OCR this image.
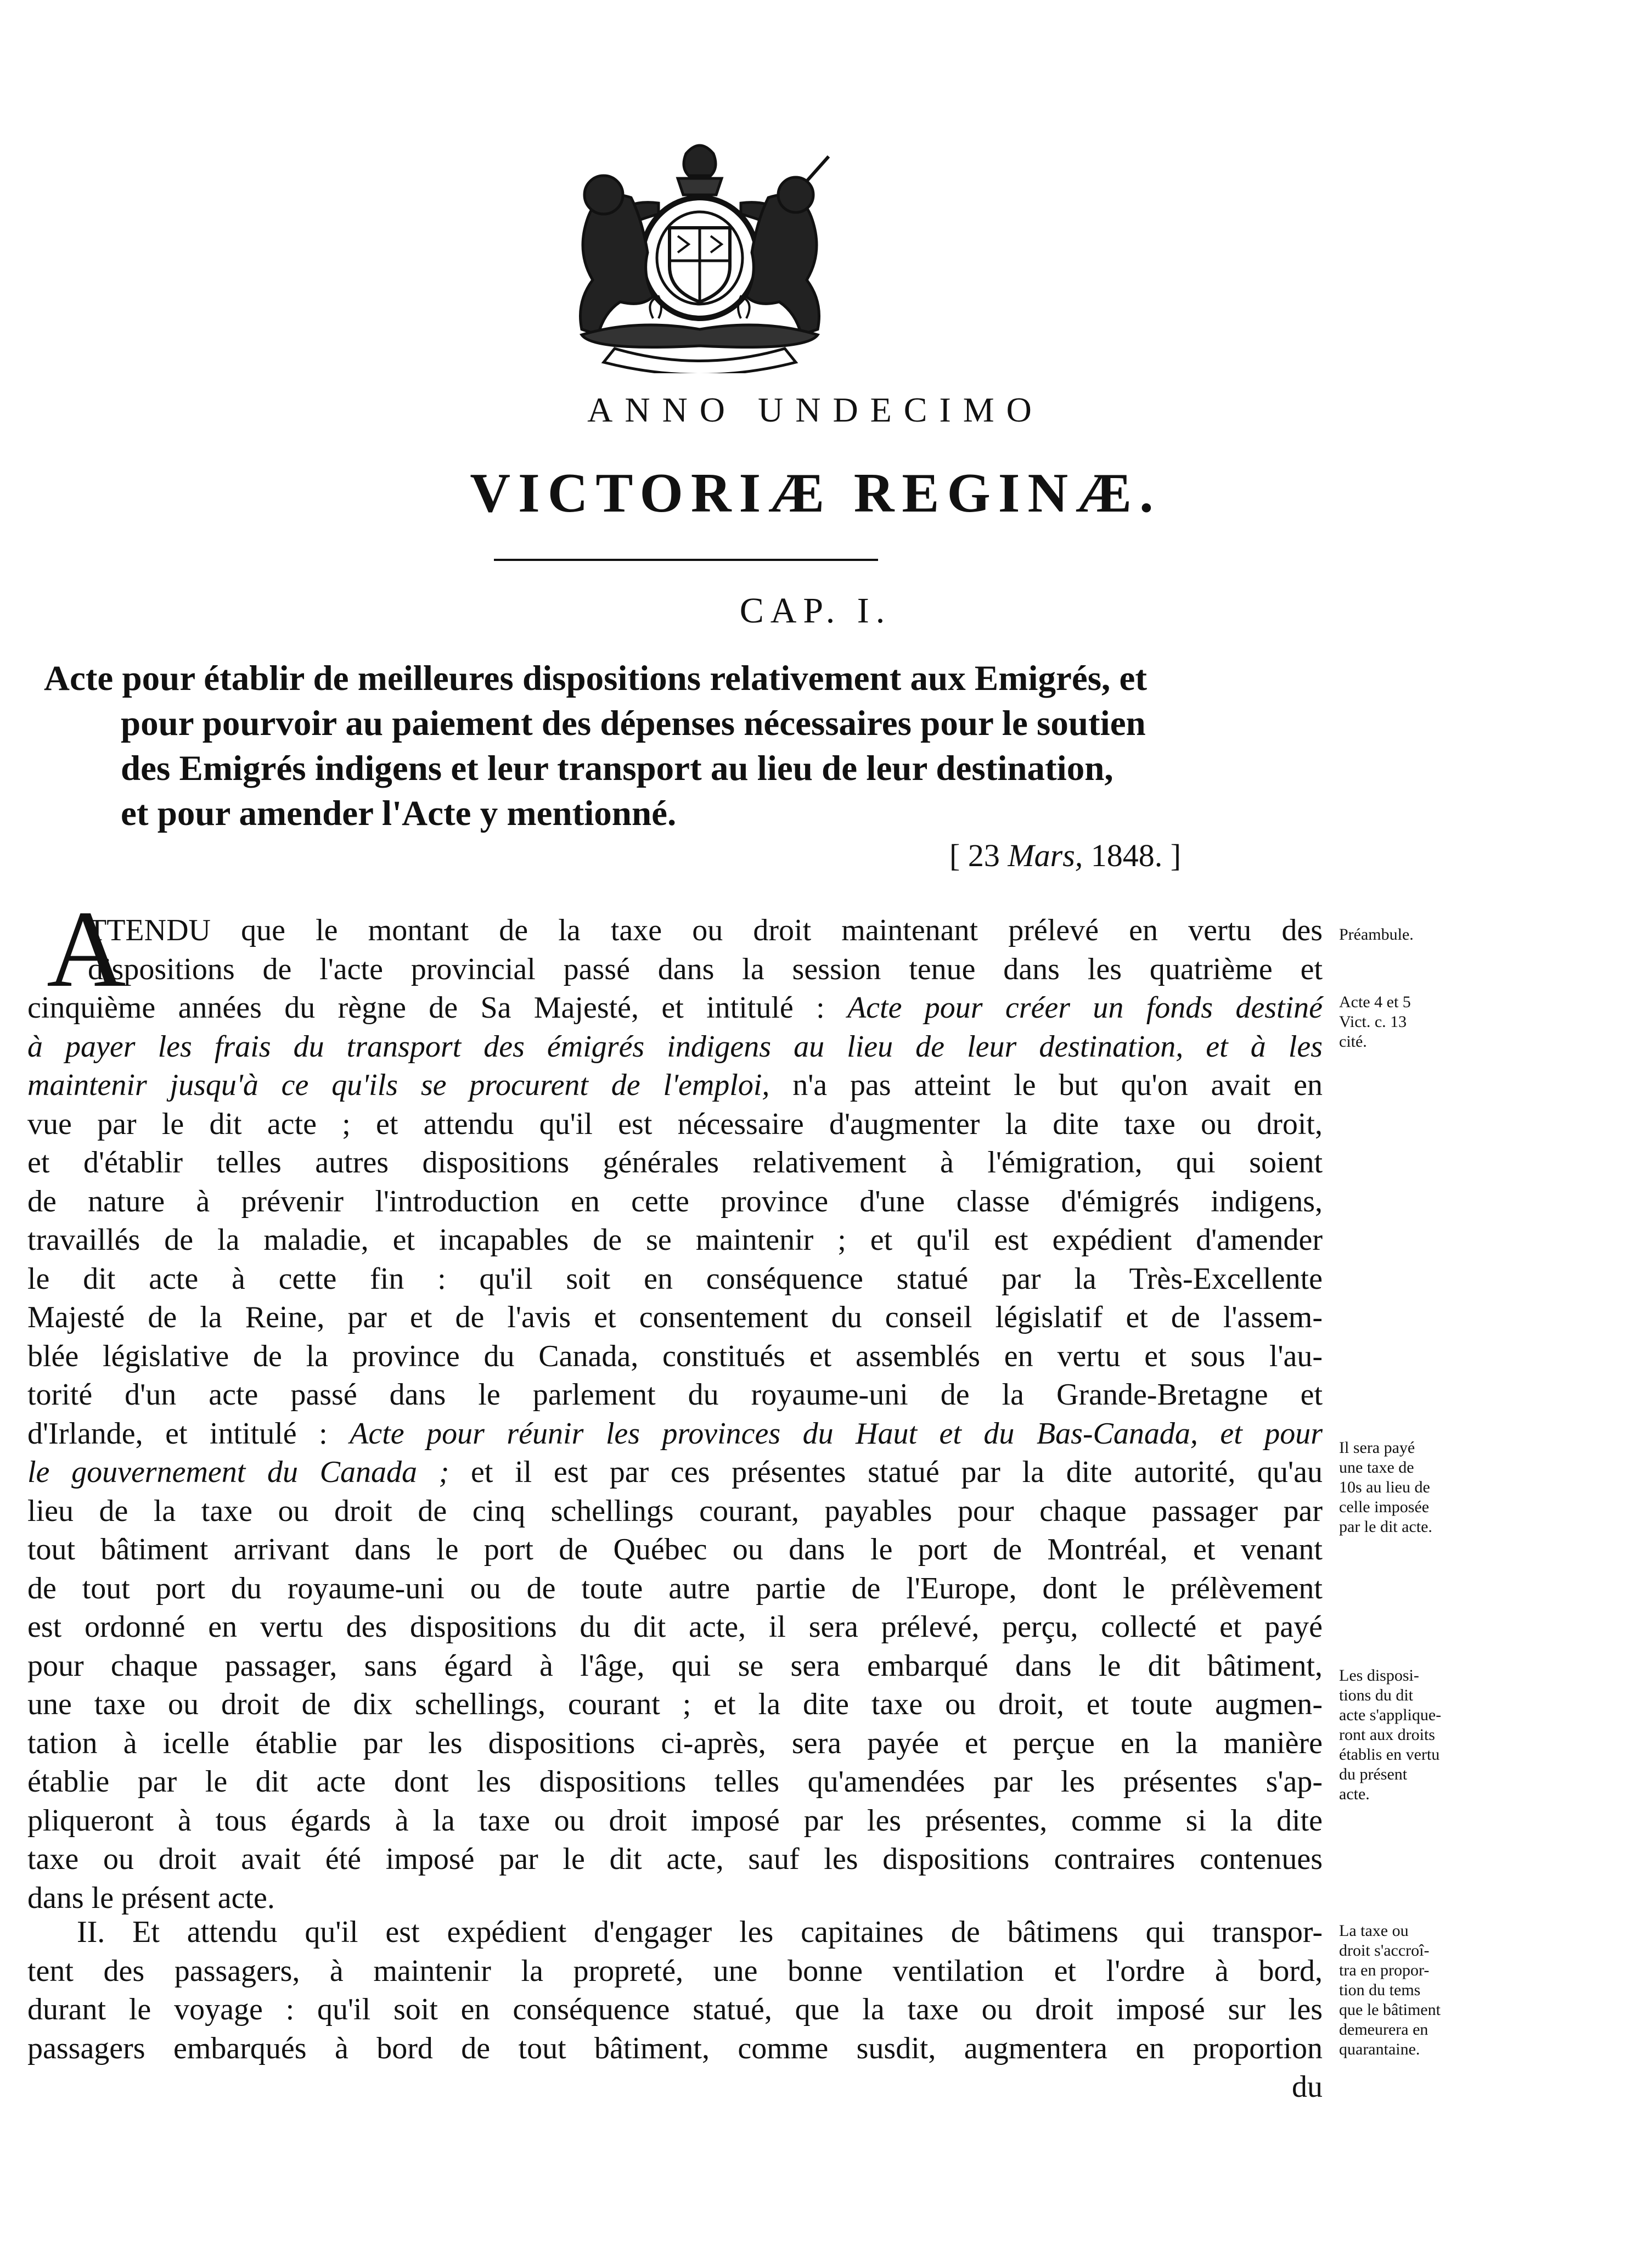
ANNO UNDECIMO
VICTORIÆ REGINÆ.
CAP. I.
Acte pour établir de meilleures dispositions relativement aux Emigrés, et
pour pourvoir au paiement des dépenses nécessaires pour le soutien
des Emigrés indigens et leur transport au lieu de leur destination,
et pour amender l'Acte y mentionné.
[ 23 Mars, 1848. ]
A
TTENDU que le montant de la taxe ou droit maintenant prélevé en vertu des
dispositions de l'acte provincial passé dans la session tenue dans les quatrième et
cinquième années du règne de Sa Majesté, et intitulé : Acte pour créer un fonds destiné
à payer les frais du transport des émigrés indigens au lieu de leur destination, et à les
maintenir jusqu'à ce qu'ils se procurent de l'emploi, n'a pas atteint le but qu'on avait en
vue par le dit acte ; et attendu qu'il est nécessaire d'augmenter la dite taxe ou droit,
et d'établir telles autres dispositions générales relativement à l'émigration, qui soient
de nature à prévenir l'introduction en cette province d'une classe d'émigrés indigens,
travaillés de la maladie, et incapables de se maintenir ; et qu'il est expédient d'amender
le dit acte à cette fin : qu'il soit en conséquence statué par la Très-Excellente
Majesté de la Reine, par et de l'avis et consentement du conseil législatif et de l'assem-
blée législative de la province du Canada, constitués et assemblés en vertu et sous l'au-
torité d'un acte passé dans le parlement du royaume-uni de la Grande-Bretagne et
d'Irlande, et intitulé : Acte pour réunir les provinces du Haut et du Bas-Canada, et pour
le gouvernement du Canada ; et il est par ces présentes statué par la dite autorité, qu'au
lieu de la taxe ou droit de cinq schellings courant, payables pour chaque passager par
tout bâtiment arrivant dans le port de Québec ou dans le port de Montréal, et venant
de tout port du royaume-uni ou de toute autre partie de l'Europe, dont le prélèvement
est ordonné en vertu des dispositions du dit acte, il sera prélevé, perçu, collecté et payé
pour chaque passager, sans égard à l'âge, qui se sera embarqué dans le dit bâtiment,
une taxe ou droit de dix schellings, courant ; et la dite taxe ou droit, et toute augmen-
tation à icelle établie par les dispositions ci-après, sera payée et perçue en la manière
établie par le dit acte dont les dispositions telles qu'amendées par les présentes s'ap-
pliqueront à tous égards à la taxe ou droit imposé par les présentes, comme si la dite
taxe ou droit avait été imposé par le dit acte, sauf les dispositions contraires contenues
dans le présent acte.
II. Et attendu qu'il est expédient d'engager les capitaines de bâtimens qui transpor-
tent des passagers, à maintenir la propreté, une bonne ventilation et l'ordre à bord,
durant le voyage : qu'il soit en conséquence statué, que la taxe ou droit imposé sur les
passagers embarqués à bord de tout bâtiment, comme susdit, augmentera en proportion
du
Préambule.
Acte 4 et 5
Vict. c. 13
cité.
Il sera payé
une taxe de
10s au lieu de
celle imposée
par le dit acte.
Les disposi-
tions du dit
acte s'applique-
ront aux droits
établis en vertu
du présent
acte.
La taxe ou
droit s'accroî-
tra en propor-
tion du tems
que le bâtiment
demeurera en
quarantaine.
